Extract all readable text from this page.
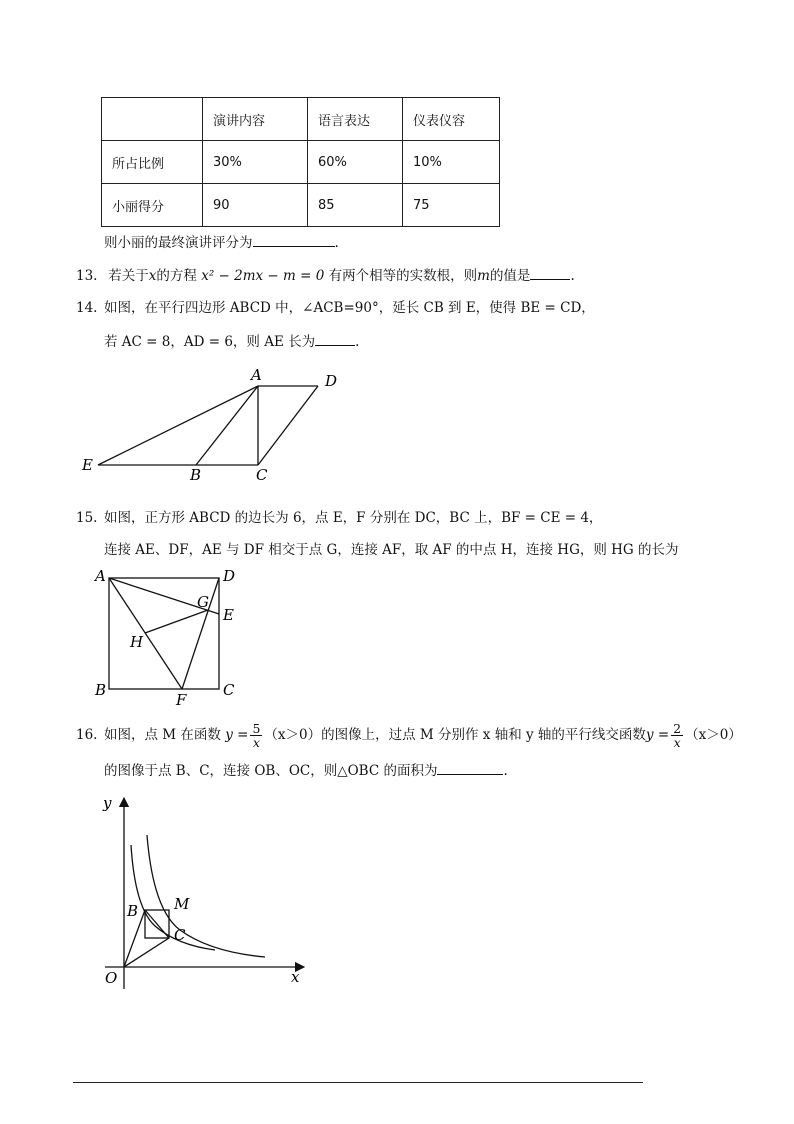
	演讲内容	语言表达	仪表仪容
所占比例	30%	60%	10%
小丽得分	90	85	75
则小丽的最终演讲评分为	.
13. 若关于x的方程 x² − 2mx − m = 0 有两个相等的实数根，则m的值是	.
14. 如图，在平行四边形 ABCD 中，∠ACB=90°，延长 CB 到 E，使得 BE = CD，
若 AC = 8，AD = 6，则 AE 长为	.
A	D
E
B	C
15. 如图，正方形 ABCD 的边长为 6，点 E，F 分别在 DC，BC 上，BF = CE = 4，
连接 AE、DF，AE 与 DF 相交于点 G，连接 AF，取 AF 的中点 H，连接 HG，则 HG 的长为
A	D
G
E
H
B
F
C
16. 如图，点 M 在函数 $y = \frac{5}{x} (x>0)$的图像上，过点 M 分别作 x 轴和 y 轴的平行线交函数$y = \frac{2}{x} (x>0)$
的图像于点 B、C，连接 OB、OC，则△OBC 的面积为	.
y
x
O
B M
C
